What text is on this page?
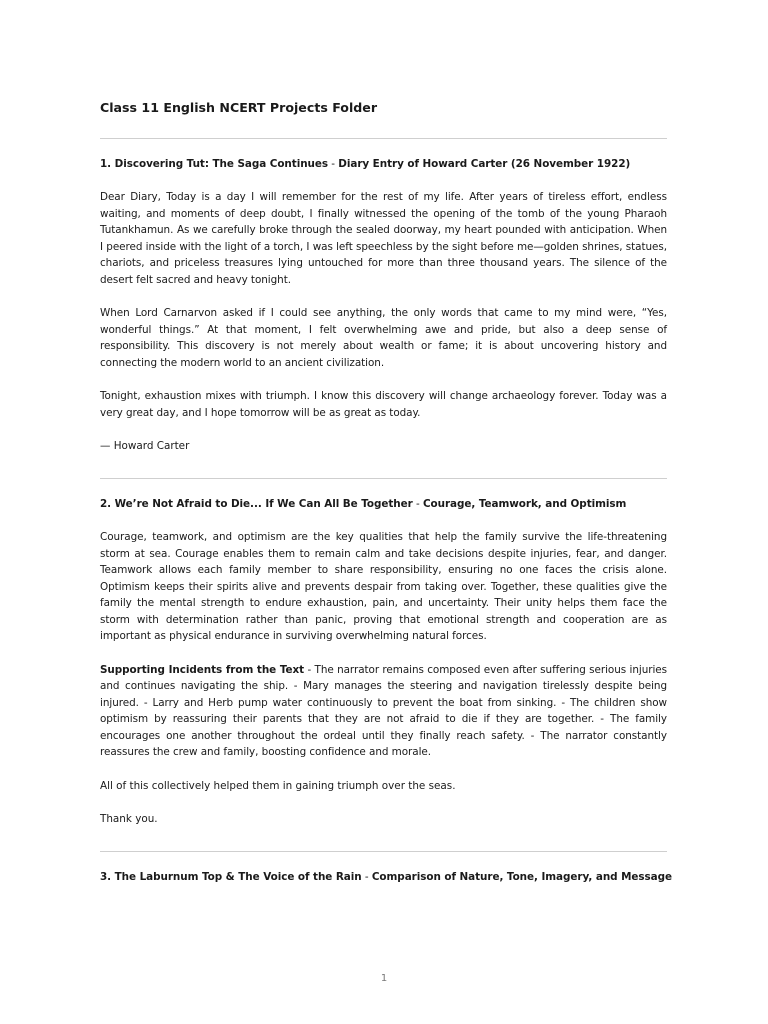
Class 11 English NCERT Projects Folder
1. Discovering Tut: The Saga Continues - Diary Entry of Howard Carter (26 November 1922)

Dear Diary, Today is a day I will remember for the rest of my life. After years of tireless effort, endless waiting, and moments of deep doubt, I finally witnessed the opening of the tomb of the young Pharaoh Tutankhamun. As we carefully broke through the sealed doorway, my heart pounded with anticipation. When I peered inside with the light of a torch, I was left speechless by the sight before me—golden shrines, statues, chariots, and priceless treasures lying untouched for more than three thousand years. The silence of the desert felt sacred and heavy tonight.

When Lord Carnarvon asked if I could see anything, the only words that came to my mind were, “Yes, wonderful things.” At that moment, I felt overwhelming awe and pride, but also a deep sense of responsibility. This discovery is not merely about wealth or fame; it is about uncovering history and connecting the modern world to an ancient civilization.

Tonight, exhaustion mixes with triumph. I know this discovery will change archaeology forever. Today was a very great day, and I hope tomorrow will be as great as today.

— Howard Carter

2. We’re Not Afraid to Die... If We Can All Be Together - Courage, Teamwork, and Optimism

Courage, teamwork, and optimism are the key qualities that help the family survive the life-threatening storm at sea. Courage enables them to remain calm and take decisions despite injuries, fear, and danger. Teamwork allows each family member to share responsibility, ensuring no one faces the crisis alone. Optimism keeps their spirits alive and prevents despair from taking over. Together, these qualities give the family the mental strength to endure exhaustion, pain, and uncertainty. Their unity helps them face the storm with determination rather than panic, proving that emotional strength and cooperation are as important as physical endurance in surviving overwhelming natural forces.

Supporting Incidents from the Text - The narrator remains composed even after suffering serious injuries and continues navigating the ship. - Mary manages the steering and navigation tirelessly despite being injured. - Larry and Herb pump water continuously to prevent the boat from sinking. - The children show optimism by reassuring their parents that they are not afraid to die if they are together. - The family encourages one another throughout the ordeal until they finally reach safety. - The narrator constantly reassures the crew and family, boosting confidence and morale.

All of this collectively helped them in gaining triumph over the seas.

Thank you.

3. The Laburnum Top & The Voice of the Rain - Comparison of Nature, Tone, Imagery, and Message
1
